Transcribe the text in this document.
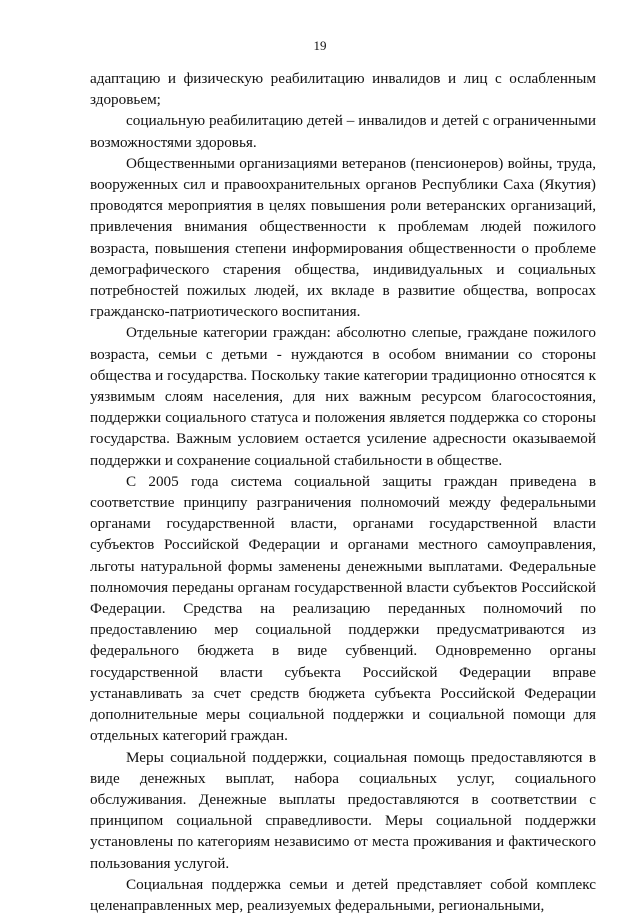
19

адаптацию и физическую реабилитацию инвалидов и лиц с ослабленным здоровьем;

социальную реабилитацию детей – инвалидов и детей с ограниченными возможностями здоровья.

Общественными организациями ветеранов (пенсионеров) войны, труда, вооруженных сил и правоохранительных органов Республики Саха (Якутия) проводятся мероприятия в целях повышения роли ветеранских организаций, привлечения внимания общественности к проблемам людей пожилого возраста, повышения степени информирования общественности о проблеме демографического старения общества, индивидуальных и социальных потребностей пожилых людей, их вкладе в развитие общества, вопросах гражданско-патриотического воспитания.

Отдельные категории граждан: абсолютно слепые, граждане пожилого возраста, семьи с детьми - нуждаются в особом внимании со стороны общества и государства. Поскольку такие категории традиционно относятся к уязвимым слоям населения, для них важным ресурсом благосостояния, поддержки социального статуса и положения является поддержка со стороны государства. Важным условием остается усиление адресности оказываемой поддержки и сохранение социальной стабильности в обществе.

С 2005 года система социальной защиты граждан приведена в соответствие принципу разграничения полномочий между федеральными органами государственной власти, органами государственной власти субъектов Российской Федерации и органами местного самоуправления, льготы натуральной формы заменены денежными выплатами. Федеральные полномочия переданы органам государственной власти субъектов Российской Федерации. Средства на реализацию переданных полномочий по предоставлению мер социальной поддержки предусматриваются из федерального бюджета в виде субвенций. Одновременно органы государственной власти субъекта Российской Федерации вправе устанавливать за счет средств бюджета субъекта Российской Федерации дополнительные меры социальной поддержки и социальной помощи для отдельных категорий граждан.

Меры социальной поддержки, социальная помощь предоставляются в виде денежных выплат, набора социальных услуг, социального обслуживания. Денежные выплаты предоставляются в соответствии с принципом социальной справедливости. Меры социальной поддержки установлены по категориям независимо от места проживания и фактического пользования услугой.

Социальная поддержка семьи и детей представляет собой комплекс целенаправленных мер, реализуемых федеральными, региональными,
